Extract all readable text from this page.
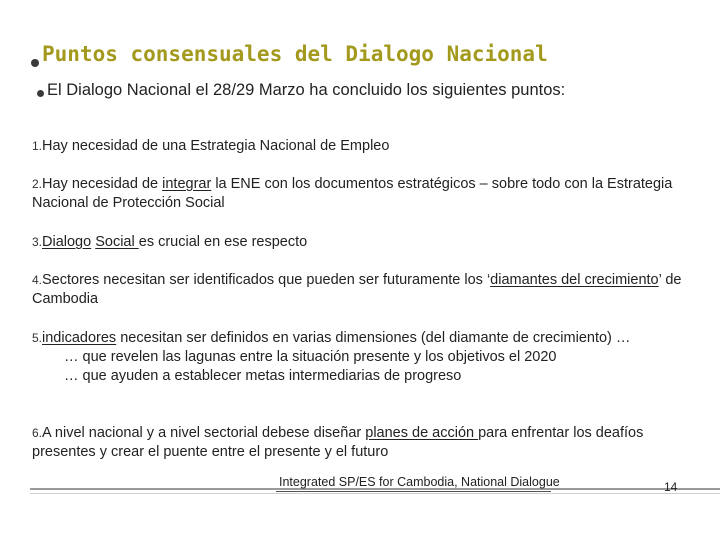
Puntos consensuales del Dialogo Nacional
El Dialogo Nacional el 28/29 Marzo ha concluido los siguientes puntos:
1.Hay necesidad de una Estrategia Nacional de Empleo
2.Hay necesidad de integrar la ENE con los documentos estratégicos – sobre todo con la Estrategia Nacional de Protección Social
3.Dialogo Social es crucial en ese respecto
4.Sectores necesitan ser identificados que pueden ser futuramente los ‘diamantes del crecimiento’ de Cambodia
5.indicadores necesitan ser definidos en varias dimensiones (del diamante de crecimiento) …
… que revelen las lagunas entre la situación presente y los objetivos el 2020
… que ayuden a establecer metas intermediarias de progreso
6.A nivel nacional y a nivel sectorial debese diseñar planes de acción para enfrentar los deafíos presentes y crear el puente entre el presente y el futuro
Integrated SP/ES for Cambodia, National Dialogue	14
